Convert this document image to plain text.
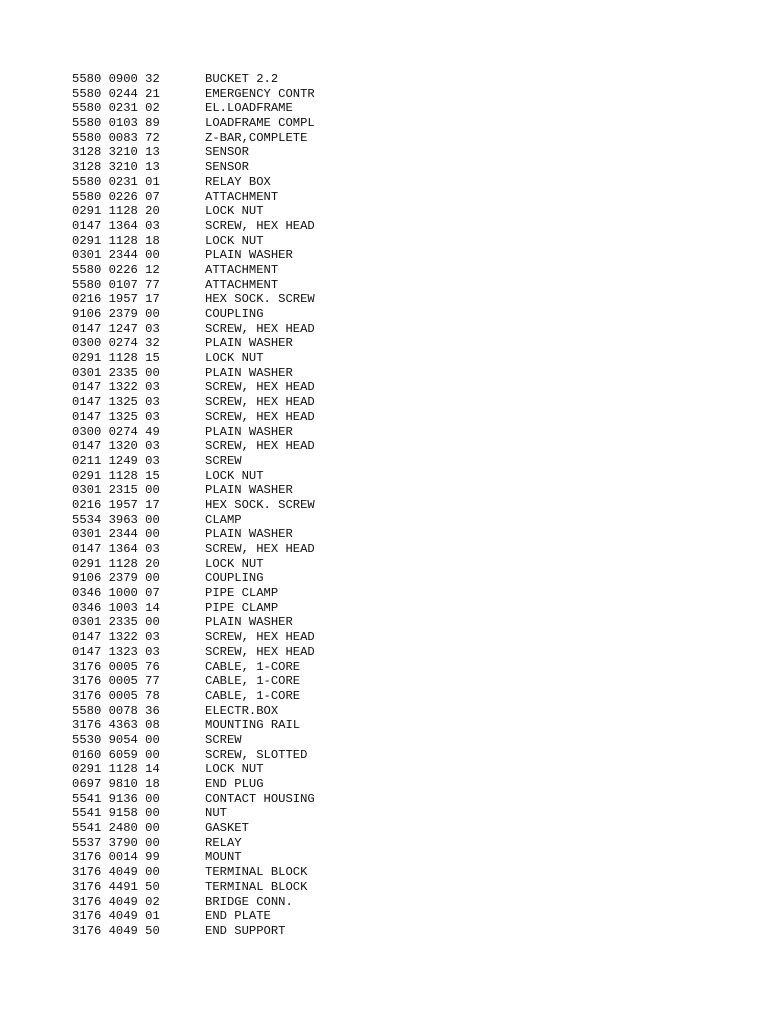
5580 0900 32	BUCKET 2.2
5580 0244 21	EMERGENCY CONTR
5580 0231 02	EL.LOADFRAME
5580 0103 89	LOADFRAME COMPL
5580 0083 72	Z-BAR,COMPLETE
3128 3210 13	SENSOR
3128 3210 13	SENSOR
5580 0231 01	RELAY BOX
5580 0226 07	ATTACHMENT
0291 1128 20	LOCK NUT
0147 1364 03	SCREW, HEX HEAD
0291 1128 18	LOCK NUT
0301 2344 00	PLAIN WASHER
5580 0226 12	ATTACHMENT
5580 0107 77	ATTACHMENT
0216 1957 17	HEX SOCK. SCREW
9106 2379 00	COUPLING
0147 1247 03	SCREW, HEX HEAD
0300 0274 32	PLAIN WASHER
0291 1128 15	LOCK NUT
0301 2335 00	PLAIN WASHER
0147 1322 03	SCREW, HEX HEAD
0147 1325 03	SCREW, HEX HEAD
0147 1325 03	SCREW, HEX HEAD
0300 0274 49	PLAIN WASHER
0147 1320 03	SCREW, HEX HEAD
0211 1249 03	SCREW
0291 1128 15	LOCK NUT
0301 2315 00	PLAIN WASHER
0216 1957 17	HEX SOCK. SCREW
5534 3963 00	CLAMP
0301 2344 00	PLAIN WASHER
0147 1364 03	SCREW, HEX HEAD
0291 1128 20	LOCK NUT
9106 2379 00	COUPLING
0346 1000 07	PIPE CLAMP
0346 1003 14	PIPE CLAMP
0301 2335 00	PLAIN WASHER
0147 1322 03	SCREW, HEX HEAD
0147 1323 03	SCREW, HEX HEAD
3176 0005 76	CABLE, 1-CORE
3176 0005 77	CABLE, 1-CORE
3176 0005 78	CABLE, 1-CORE
5580 0078 36	ELECTR.BOX
3176 4363 08	MOUNTING RAIL
5530 9054 00	SCREW
0160 6059 00	SCREW, SLOTTED
0291 1128 14	LOCK NUT
0697 9810 18	END PLUG
5541 9136 00	CONTACT HOUSING
5541 9158 00	NUT
5541 2480 00	GASKET
5537 3790 00	RELAY
3176 0014 99	MOUNT
3176 4049 00	TERMINAL BLOCK
3176 4491 50	TERMINAL BLOCK
3176 4049 02	BRIDGE CONN.
3176 4049 01	END PLATE
3176 4049 50	END SUPPORT
